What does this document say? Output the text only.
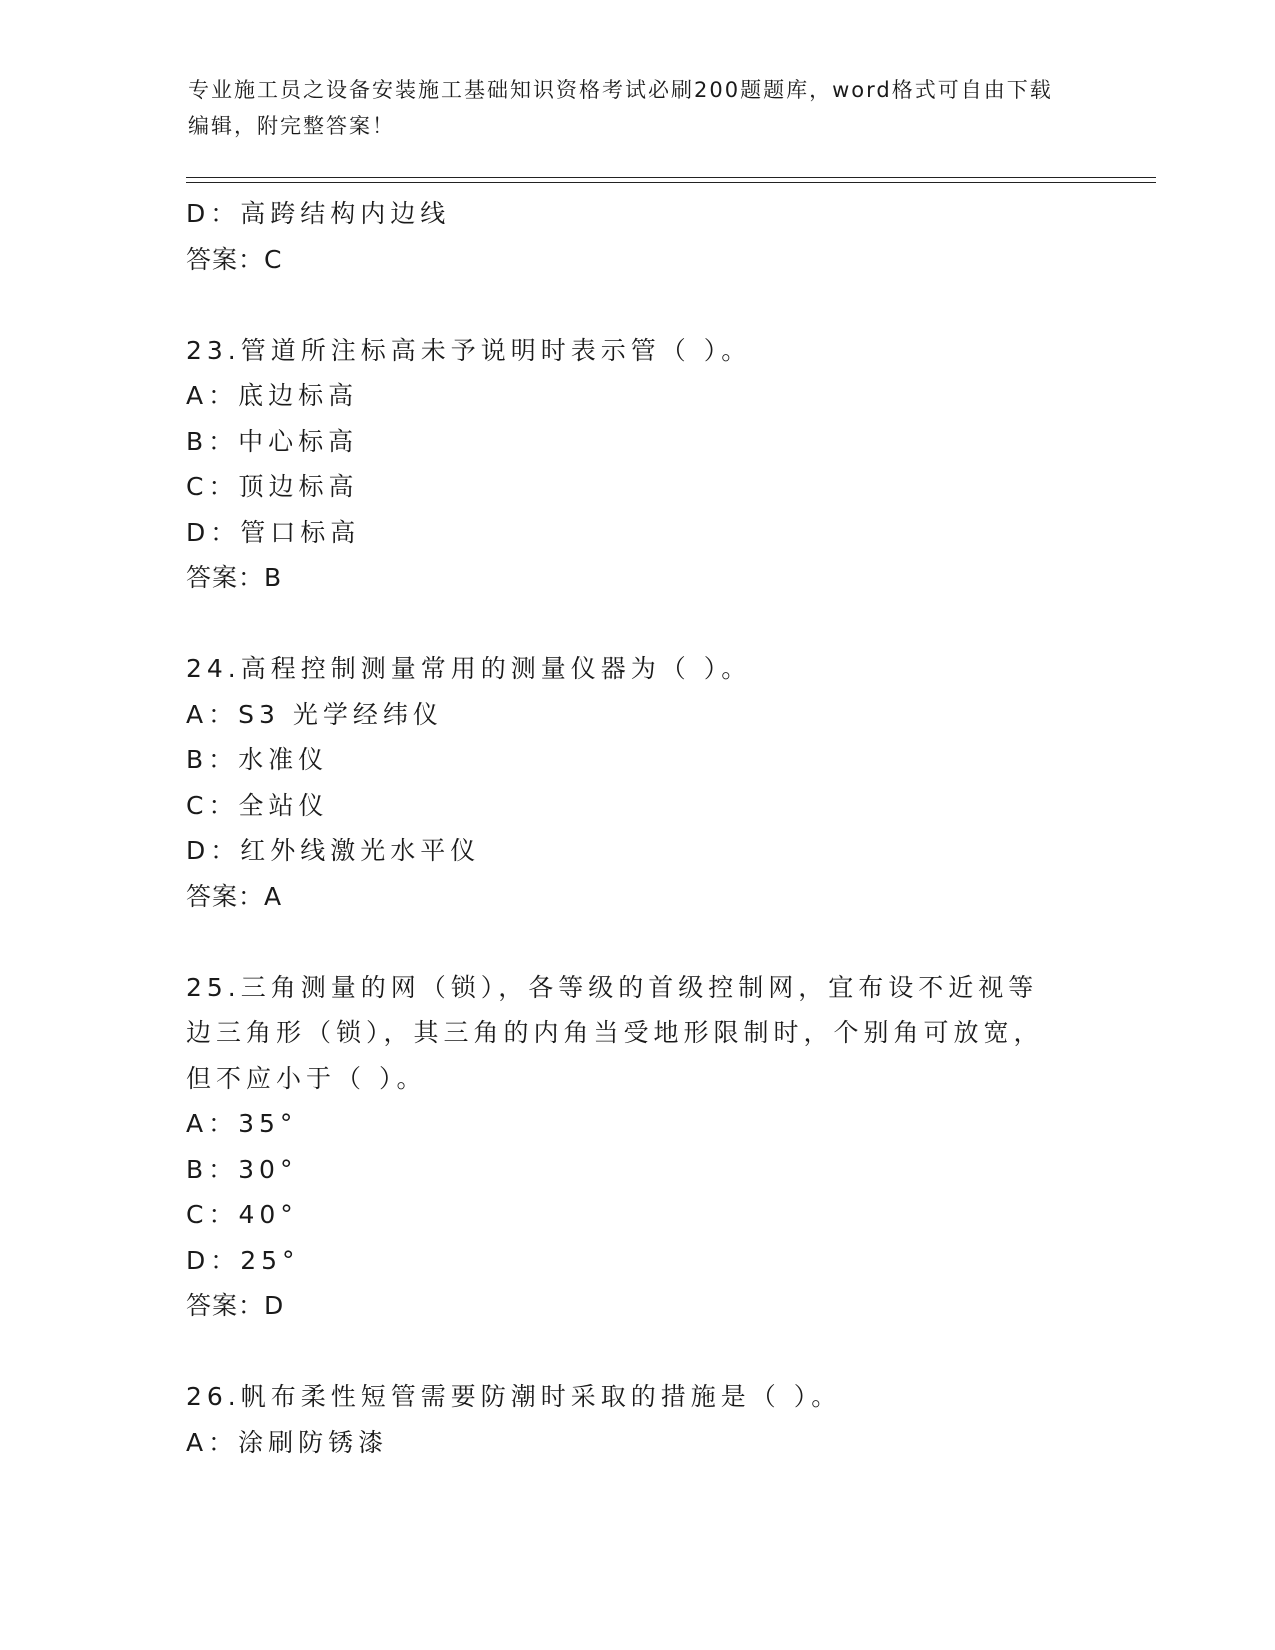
专业施工员之设备安装施工基础知识资格考试必刷200题题库，word格式可自由下载编辑，附完整答案！
D：高跨结构内边线
答案：C
23.管道所注标高未予说明时表示管（ ）。
A：底边标高
B：中心标高
C：顶边标高
D：管口标高
答案：B
24.高程控制测量常用的测量仪器为（ ）。
A：S3 光学经纬仪
B：水准仪
C：全站仪
D：红外线激光水平仪
答案：A
25.三角测量的网（锁），各等级的首级控制网，宜布设不近视等边三角形（锁），其三角的内角当受地形限制时，个别角可放宽，但不应小于（ ）。
A：35°
B：30°
C：40°
D：25°
答案：D
26.帆布柔性短管需要防潮时采取的措施是（ ）。
A：涂刷防锈漆
